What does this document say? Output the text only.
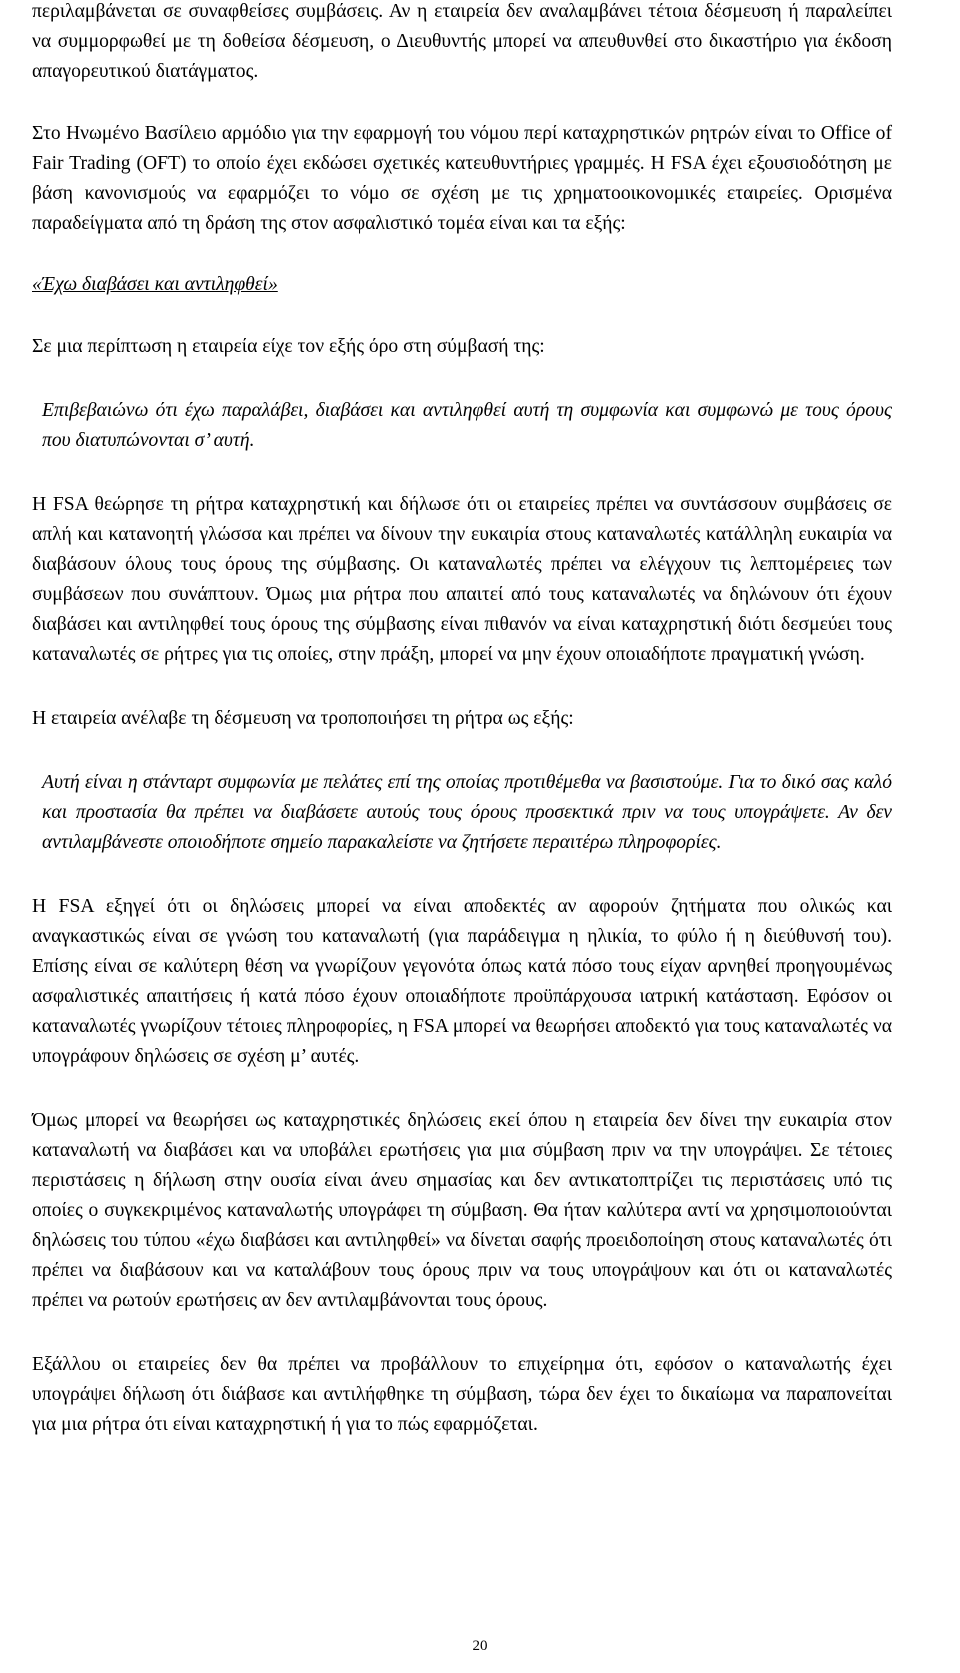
περιλαμβάνεται σε συναφθείσες συμβάσεις. Αν η εταιρεία δεν αναλαμβάνει τέτοια δέσμευση ή παραλείπει να συμμορφωθεί με τη δοθείσα δέσμευση, ο Διευθυντής μπορεί να απευθυνθεί στο δικαστήριο για έκδοση απαγορευτικού διατάγματος.

Στο Ηνωμένο Βασίλειο αρμόδιο για την εφαρμογή του νόμου περί καταχρηστικών ρητρών είναι το Office of Fair Trading (OFT) το οποίο έχει εκδώσει σχετικές κατευθυντήριες γραμμές. Η FSA έχει εξουσιοδότηση με βάση κανονισμούς να εφαρμόζει το νόμο σε σχέση με τις χρηματοοικονομικές εταιρείες. Ορισμένα παραδείγματα από τη δράση της στον ασφαλιστικό τομέα είναι και τα εξής:

«Έχω διαβάσει και αντιληφθεί»

Σε μια περίπτωση η εταιρεία είχε τον εξής όρο στη σύμβασή της:

Επιβεβαιώνω ότι έχω παραλάβει, διαβάσει και αντιληφθεί αυτή τη συμφωνία και συμφωνώ με τους όρους που διατυπώνονται σ’ αυτή.

Η FSA θεώρησε τη ρήτρα καταχρηστική και δήλωσε ότι οι εταιρείες πρέπει να συντάσσουν συμβάσεις σε απλή και κατανοητή γλώσσα και πρέπει να δίνουν την ευκαιρία στους καταναλωτές κατάλληλη ευκαιρία να διαβάσουν όλους τους όρους της σύμβασης. Οι καταναλωτές πρέπει να ελέγχουν τις λεπτομέρειες των συμβάσεων που συνάπτουν. Όμως μια ρήτρα που απαιτεί από τους καταναλωτές να δηλώνουν ότι έχουν διαβάσει και αντιληφθεί τους όρους της σύμβασης είναι πιθανόν να είναι καταχρηστική διότι δεσμεύει τους καταναλωτές σε ρήτρες για τις οποίες, στην πράξη, μπορεί να μην έχουν οποιαδήποτε πραγματική γνώση.

Η εταιρεία ανέλαβε τη δέσμευση να τροποποιήσει τη ρήτρα ως εξής:

Αυτή είναι η στάνταρτ συμφωνία με πελάτες επί της οποίας προτιθέμεθα να βασιστούμε. Για το δικό σας καλό και προστασία θα πρέπει να διαβάσετε αυτούς τους όρους προσεκτικά πριν να τους υπογράψετε. Αν δεν αντιλαμβάνεστε οποιοδήποτε σημείο παρακαλείστε να ζητήσετε περαιτέρω πληροφορίες.

Η FSA εξηγεί ότι οι δηλώσεις μπορεί να είναι αποδεκτές αν αφορούν ζητήματα που ολικώς και αναγκαστικώς είναι σε γνώση του καταναλωτή (για παράδειγμα η ηλικία, το φύλο ή η διεύθυνσή του). Επίσης είναι σε καλύτερη θέση να γνωρίζουν γεγονότα όπως κατά πόσο τους είχαν αρνηθεί προηγουμένως ασφαλιστικές απαιτήσεις ή κατά πόσο έχουν οποιαδήποτε προϋπάρχουσα ιατρική κατάσταση. Εφόσον οι καταναλωτές γνωρίζουν τέτοιες πληροφορίες, η FSA μπορεί να θεωρήσει αποδεκτό για τους καταναλωτές να υπογράφουν δηλώσεις σε σχέση μ’ αυτές.

Όμως μπορεί να θεωρήσει ως καταχρηστικές δηλώσεις εκεί όπου η εταιρεία δεν δίνει την ευκαιρία στον καταναλωτή να διαβάσει και να υποβάλει ερωτήσεις για μια σύμβαση πριν να την υπογράψει. Σε τέτοιες περιστάσεις η δήλωση στην ουσία είναι άνευ σημασίας και δεν αντικατοπτρίζει τις περιστάσεις υπό τις οποίες ο συγκεκριμένος καταναλωτής υπογράφει τη σύμβαση. Θα ήταν καλύτερα αντί να χρησιμοποιούνται δηλώσεις του τύπου «έχω διαβάσει και αντιληφθεί» να δίνεται σαφής προειδοποίηση στους καταναλωτές ότι πρέπει να διαβάσουν και να καταλάβουν τους όρους πριν να τους υπογράψουν και ότι οι καταναλωτές πρέπει να ρωτούν ερωτήσεις αν δεν αντιλαμβάνονται τους όρους.

Εξάλλου οι εταιρείες δεν θα πρέπει να προβάλλουν το επιχείρημα ότι, εφόσον ο καταναλωτής έχει υπογράψει δήλωση ότι διάβασε και αντιλήφθηκε τη σύμβαση, τώρα δεν έχει το δικαίωμα να παραπονείται για μια ρήτρα ότι είναι καταχρηστική ή για το πώς εφαρμόζεται.

20
